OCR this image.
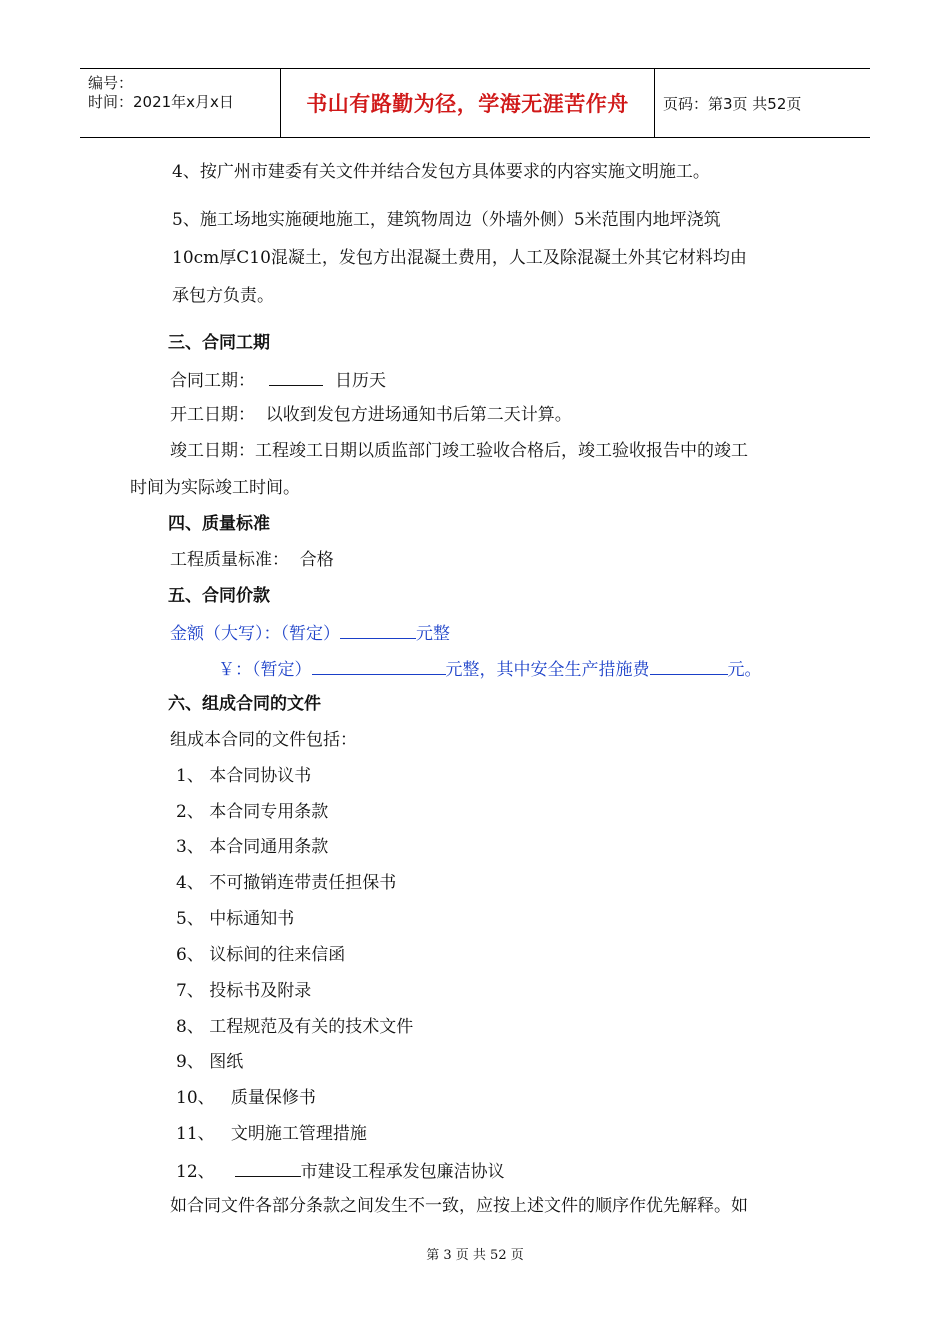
编号：
时间：2021年x月x日	书山有路勤为径，学海无涯苦作舟	页码：第3页 共52页
4、按广州市建委有关文件并结合发包方具体要求的内容实施文明施工。
5、施工场地实施硬地施工，建筑物周边（外墙外侧）5米范围内地坪浇筑
10cm厚C10混凝土，发包方出混凝土费用，人工及除混凝土外其它材料均由
承包方负责。
三、合同工期
合同工期：	日历天
开工日期：  以收到发包方进场通知书后第二天计算。
竣工日期：工程竣工日期以质监部门竣工验收合格后，竣工验收报告中的竣工
时间为实际竣工时间。
四、质量标准
工程质量标准：  合格
五、合同价款
金额（大写）：（暂定）	元整
￥：（暂定）	元整，其中安全生产措施费	元。
六、组成合同的文件
组成本合同的文件包括：
1、 本合同协议书
2、 本合同专用条款
3、 本合同通用条款
4、 不可撤销连带责任担保书
5、 中标通知书
6、 议标间的往来信函
7、 投标书及附录
8、 工程规范及有关的技术文件
9、 图纸
10、   质量保修书
11、   文明施工管理措施
12、	市建设工程承发包廉洁协议
如合同文件各部分条款之间发生不一致，应按上述文件的顺序作优先解释。如
第 3 页 共 52 页
